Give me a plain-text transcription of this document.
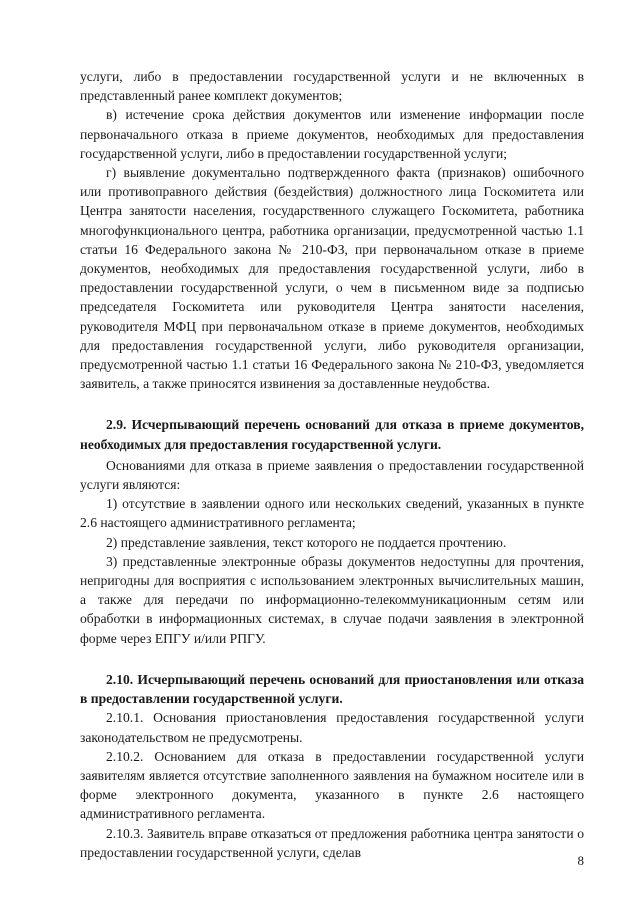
услуги, либо в предоставлении государственной услуги и не включенных в представленный ранее комплект документов;

в) истечение срока действия документов или изменение информации после первоначального отказа в приеме документов, необходимых для предоставления государственной услуги, либо в предоставлении государственной услуги;

г) выявление документально подтвержденного факта (признаков) ошибочного или противоправного действия (бездействия) должностного лица Госкомитета или Центра занятости населения, государственного служащего Госкомитета, работника многофункционального центра, работника организации, предусмотренной частью 1.1 статьи 16 Федерального закона № 210-ФЗ, при первоначальном отказе в приеме документов, необходимых для предоставления государственной услуги, либо в предоставлении государственной услуги, о чем в письменном виде за подписью председателя Госкомитета или руководителя Центра занятости населения, руководителя МФЦ при первоначальном отказе в приеме документов, необходимых для предоставления государственной услуги, либо руководителя организации, предусмотренной частью 1.1 статьи 16 Федерального закона № 210-ФЗ, уведомляется заявитель, а также приносятся извинения за доставленные неудобства.

2.9. Исчерпывающий перечень оснований для отказа в приеме документов, необходимых для предоставления государственной услуги.

Основаниями для отказа в приеме заявления о предоставлении государственной услуги являются:

1) отсутствие в заявлении одного или нескольких сведений, указанных в пункте 2.6 настоящего административного регламента;

2) представление заявления, текст которого не поддается прочтению.

3) представленные электронные образы документов недоступны для прочтения, непригодны для восприятия с использованием электронных вычислительных машин, а также для передачи по информационно-телекоммуникационным сетям или обработки в информационных системах, в случае подачи заявления в электронной форме через ЕПГУ и/или РПГУ.

2.10. Исчерпывающий перечень оснований для приостановления или отказа в предоставлении государственной услуги.

2.10.1. Основания приостановления предоставления государственной услуги законодательством не предусмотрены.

2.10.2. Основанием для отказа в предоставлении государственной услуги заявителям является отсутствие заполненного заявления на бумажном носителе или в форме электронного документа, указанного в пункте 2.6 настоящего административного регламента.

2.10.3. Заявитель вправе отказаться от предложения работника центра занятости о предоставлении государственной услуги, сделав

8
